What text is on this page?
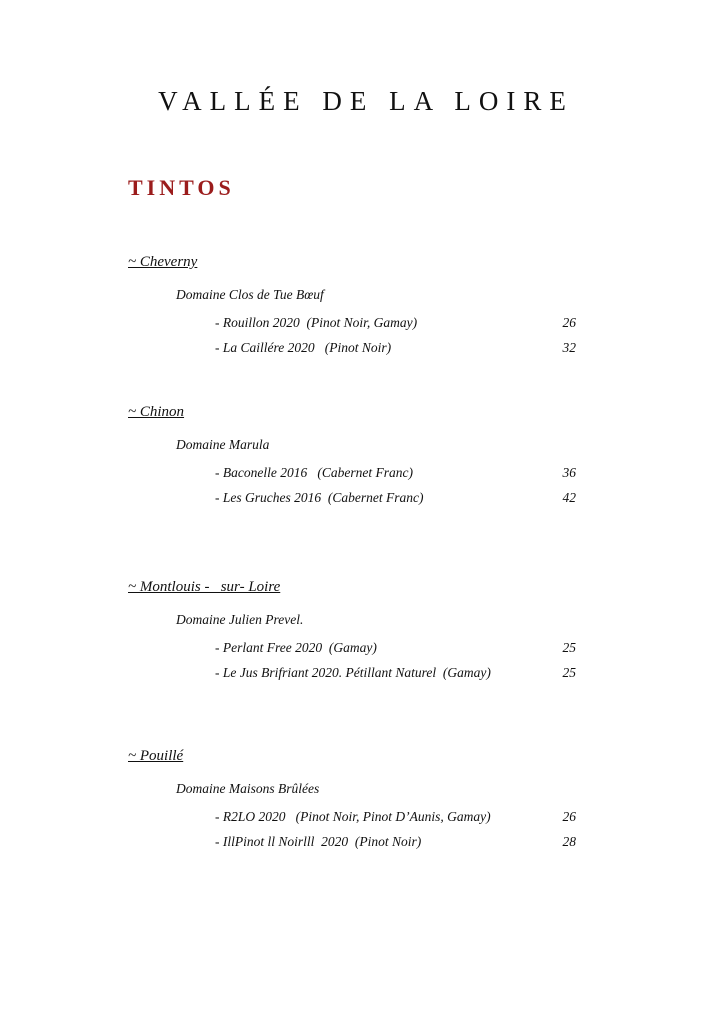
VALLÉE DE LA LOIRE
TINTOS
~ Cheverny
Domaine Clos de Tue Bœuf
- Rouillon 2020  (Pinot Noir, Gamay)	26
- La Caillére 2020   (Pinot Noir)	32
~ Chinon
Domaine Marula
- Baconelle 2016   (Cabernet Franc)	36
- Les Gruches 2016  (Cabernet Franc)	42
~ Montlouis -   sur- Loire
Domaine Julien Prevel.
- Perlant Free 2020  (Gamay)	25
- Le Jus Brifriant 2020. Pétillant Naturel  (Gamay)	25
~ Pouillé
Domaine Maisons Brûlées
- R2LO 2020   (Pinot Noir, Pinot D’Aunis, Gamay)	26
- IllPinot ll Noirlll  2020  (Pinot Noir)	28
